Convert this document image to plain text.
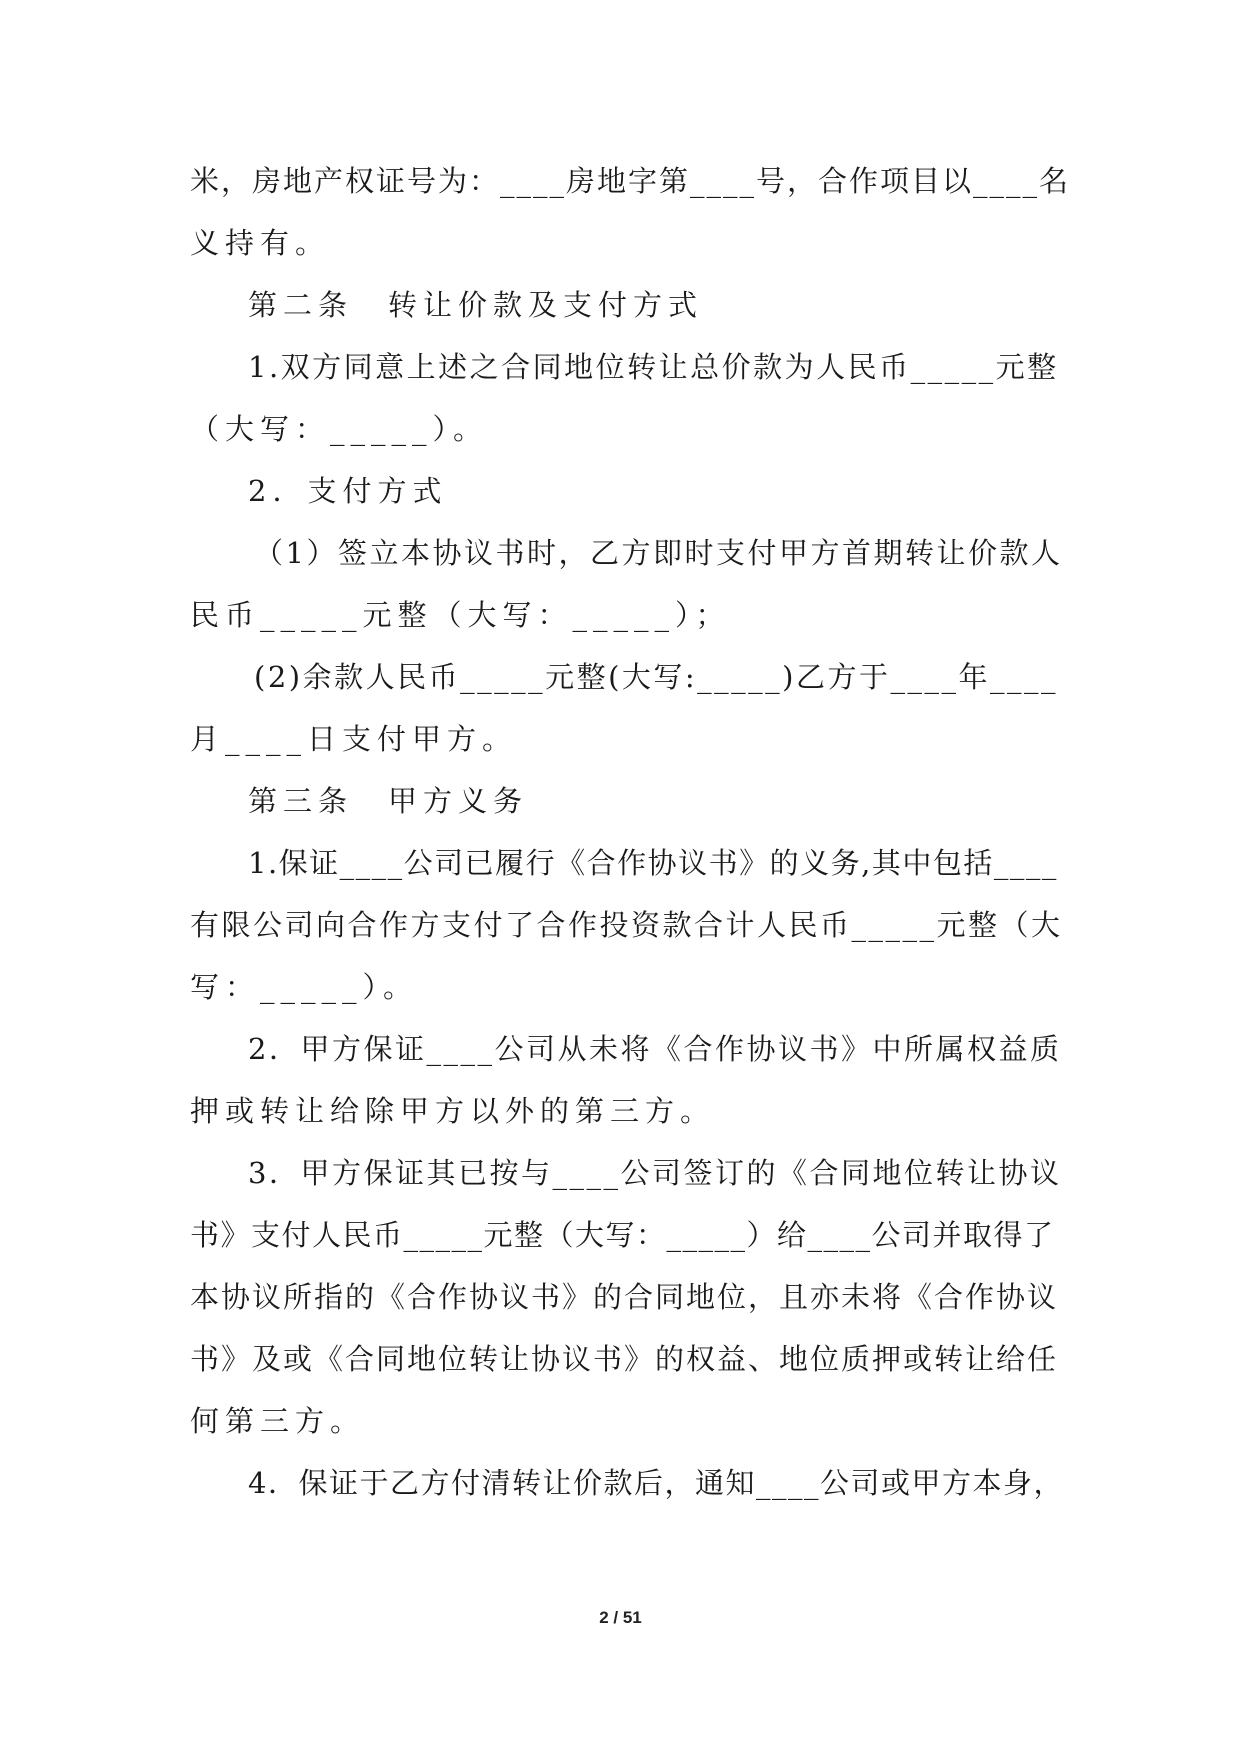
米，房地产权证号为：____房地字第____号，合作项目以____名
义持有。
第二条　转让价款及支付方式
1.双方同意上述之合同地位转让总价款为人民币_____元整
（大写：_____）。
2．支付方式
（1）签立本协议书时，乙方即时支付甲方首期转让价款人
民币_____元整（大写：_____）；
(2)余款人民币_____元整(大写:_____)乙方于____年____
月____日支付甲方。
第三条　甲方义务
1.保证____公司已履行《合作协议书》的义务,其中包括____
有限公司向合作方支付了合作投资款合计人民币_____元整（大
写：_____）。
2．甲方保证____公司从未将《合作协议书》中所属权益质
押或转让给除甲方以外的第三方。
3．甲方保证其已按与____公司签订的《合同地位转让协议
书》支付人民币_____元整（大写：_____）给____公司并取得了
本协议所指的《合作协议书》的合同地位，且亦未将《合作协议
书》及或《合同地位转让协议书》的权益、地位质押或转让给任
何第三方。
4．保证于乙方付清转让价款后，通知____公司或甲方本身，
2 / 51
